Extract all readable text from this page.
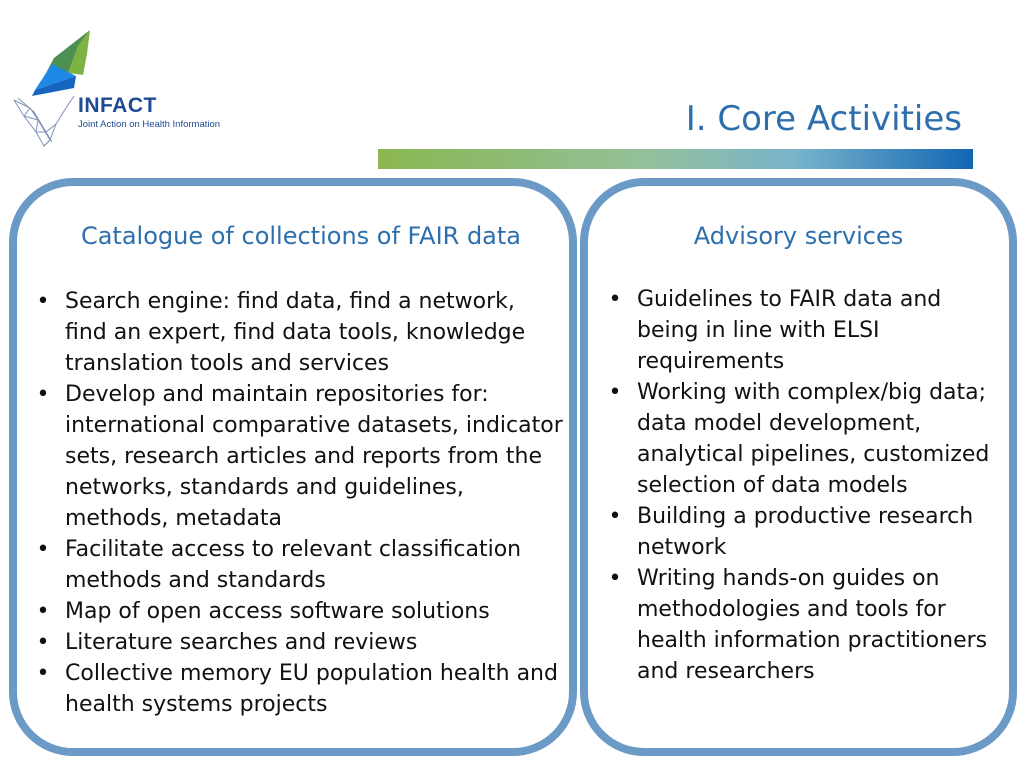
INFACT
Joint Action on Health Information	I. Core Activities
Catalogue of collections of FAIR data
• Search engine: find data, find a network, find an expert, find data tools, knowledge translation tools and services
• Develop and maintain repositories for: international comparative datasets, indicator sets, research articles and reports from the networks, standards and guidelines, methods, metadata
• Facilitate access to relevant classification methods and standards
• Map of open access software solutions
• Literature searches and reviews
• Collective memory EU population health and health systems projects
Advisory services
• Guidelines to FAIR data and being in line with ELSI requirements
• Working with complex/big data; data model development, analytical pipelines, customized selection of data models
• Building a productive research network
• Writing hands-on guides on methodologies and tools for health information practitioners and researchers
